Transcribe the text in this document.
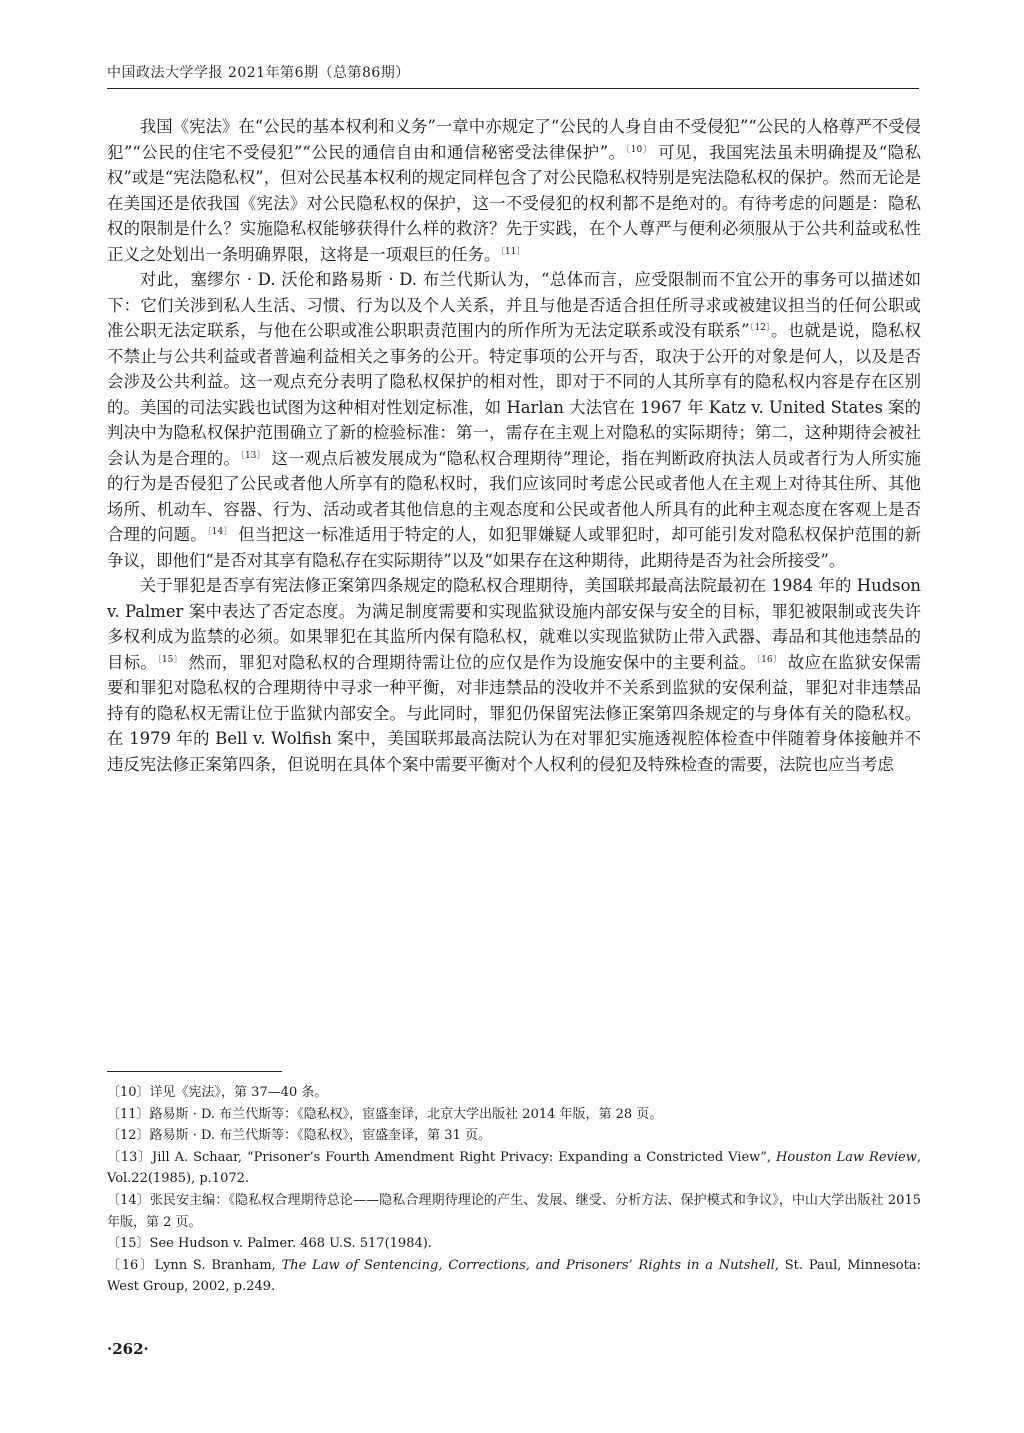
中国政法大学学报 2021年第6期（总第86期）

我国《宪法》在“公民的基本权利和义务”一章中亦规定了“公民的人身自由不受侵犯”“公民的人格尊严不受侵犯”“公民的住宅不受侵犯”“公民的通信自由和通信秘密受法律保护”。$^{〔10〕}$ 可见，我国宪法虽未明确提及“隐私权”或是“宪法隐私权”，但对公民基本权利的规定同样包含了对公民隐私权特别是宪法隐私权的保护。然而无论是在美国还是依我国《宪法》对公民隐私权的保护，这一不受侵犯的权利都不是绝对的。有待考虑的问题是：隐私权的限制是什么？实施隐私权能够获得什么样的救济？先于实践，在个人尊严与便利必须服从于公共利益或私性正义之处划出一条明确界限，这将是一项艰巨的任务。$^{〔11〕}$

对此，塞缪尔 · D. 沃伦和路易斯 · D. 布兰代斯认为，“总体而言，应受限制而不宜公开的事务可以描述如下：它们关涉到私人生活、习惯、行为以及个人关系，并且与他是否适合担任所寻求或被建议担当的任何公职或准公职无法定联系，与他在公职或准公职职责范围内的所作所为无法定联系或没有联系”$^{〔12〕}$。也就是说，隐私权不禁止与公共利益或者普遍利益相关之事务的公开。特定事项的公开与否，取决于公开的对象是何人，以及是否会涉及公共利益。这一观点充分表明了隐私权保护的相对性，即对于不同的人其所享有的隐私权内容是存在区别的。美国的司法实践也试图为这种相对性划定标准，如 Harlan 大法官在 1967 年 Katz v. United States 案的判决中为隐私权保护范围确立了新的检验标准：第一，需存在主观上对隐私的实际期待；第二，这种期待会被社会认为是合理的。$^{〔13〕}$ 这一观点后被发展成为“隐私权合理期待”理论，指在判断政府执法人员或者行为人所实施的行为是否侵犯了公民或者他人所享有的隐私权时，我们应该同时考虑公民或者他人在主观上对待其住所、其他场所、机动车、容器、行为、活动或者其他信息的主观态度和公民或者他人所具有的此种主观态度在客观上是否合理的问题。$^{〔14〕}$ 但当把这一标准适用于特定的人，如犯罪嫌疑人或罪犯时，却可能引发对隐私权保护范围的新争议，即他们“是否对其享有隐私存在实际期待”以及“如果存在这种期待，此期待是否为社会所接受”。

关于罪犯是否享有宪法修正案第四条规定的隐私权合理期待，美国联邦最高法院最初在 1984 年的 Hudson v. Palmer 案中表达了否定态度。为满足制度需要和实现监狱设施内部安保与安全的目标，罪犯被限制或丧失许多权利成为监禁的必须。如果罪犯在其监所内保有隐私权，就难以实现监狱防止带入武器、毒品和其他违禁品的目标。$^{〔15〕}$ 然而，罪犯对隐私权的合理期待需让位的应仅是作为设施安保中的主要利益。$^{〔16〕}$ 故应在监狱安保需要和罪犯对隐私权的合理期待中寻求一种平衡，对非违禁品的没收并不关系到监狱的安保利益，罪犯对非违禁品持有的隐私权无需让位于监狱内部安全。与此同时，罪犯仍保留宪法修正案第四条规定的与身体有关的隐私权。在 1979 年的 Bell v. Wolfish 案中，美国联邦最高法院认为在对罪犯实施透视腔体检查中伴随着身体接触并不违反宪法修正案第四条，但说明在具体个案中需要平衡对个人权利的侵犯及特殊检查的需要，法院也应当考虑

〔10〕详见《宪法》，第 37—40 条。
〔11〕路易斯 · D. 布兰代斯等：《隐私权》，宦盛奎译，北京大学出版社 2014 年版，第 28 页。
〔12〕路易斯 · D. 布兰代斯等：《隐私权》，宦盛奎译，第 31 页。
〔13〕Jill A. Schaar, “Prisoner’s Fourth Amendment Right Privacy: Expanding a Constricted View”, Houston Law Review, Vol.22(1985), p.1072.
〔14〕张民安主编：《隐私权合理期待总论——隐私合理期待理论的产生、发展、继受、分析方法、保护模式和争议》，中山大学出版社 2015 年版，第 2 页。
〔15〕See Hudson v. Palmer. 468 U.S. 517(1984).
〔16〕Lynn S. Branham, The Law of Sentencing, Corrections, and Prisoners’ Rights in a Nutshell, St. Paul, Minnesota: West Group, 2002, p.249.
·262·
